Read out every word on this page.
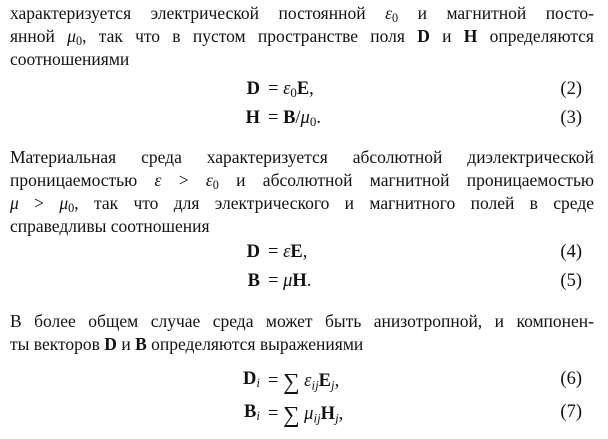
характеризуется электрической постоянной $\varepsilon_0$ и магнитной посто-
янной $\mu_0$, так что в пустом пространстве поля D и H определяются
соотношениями
$D = \varepsilon_0E$,	(2)
$H = B/\mu_0$.	(3)
Материальная среда характеризуется абсолютной диэлектрической
проницаемостью $\varepsilon > \varepsilon_0$ и абсолютной магнитной проницаемостью
$\mu > \mu_0$, так что для электрического и магнитного полей в среде
справедливы соотношения
D = εE,	(4)
B = μH.	(5)
В более общем случае среда может быть анизотропной, и компонен-
ты векторов D и B определяются выражениями
$D_i$ = ∑ $\varepsilon_{ij}E_j$,	(6)
$B_i$ = ∑ $\mu_{ij}H_j$,	(7)
